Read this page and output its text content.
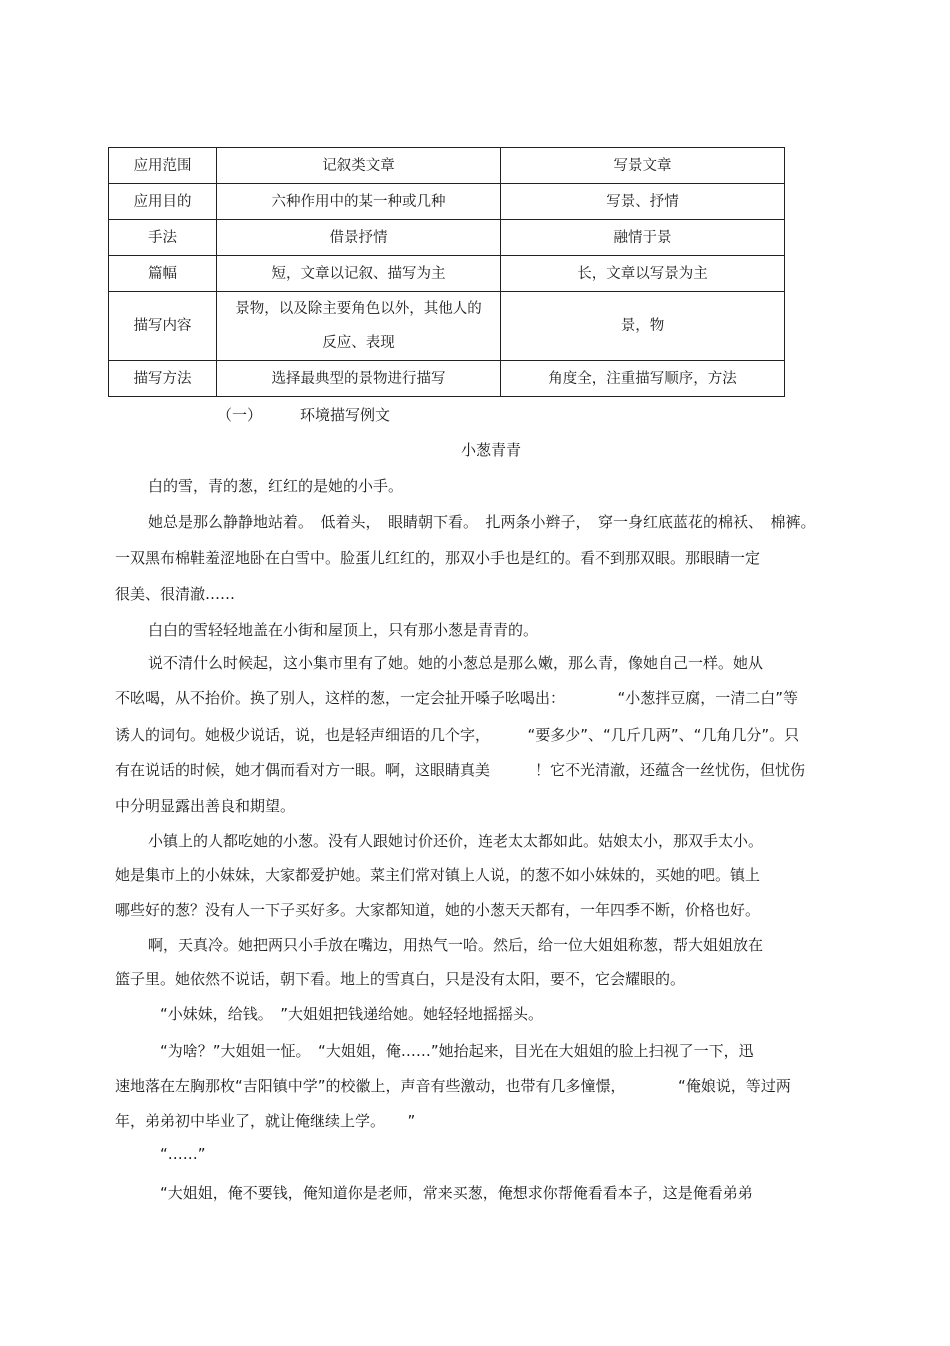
应用范围	记叙类文章	写景文章
应用目的	六种作用中的某一种或几种	写景、抒情
手法	借景抒情	融情于景
篇幅	短，文章以记叙、描写为主	长，文章以写景为主
描写内容	景物，以及除主要角色以外，其他人的反应、表现	景，物
描写方法	选择最典型的景物进行描写	角度全，注重描写顺序，方法
（一）	环境描写例文
小葱青青
白的雪，青的葱，红红的是她的小手。
她总是那么静静地站着。　低着头，　眼睛朝下看。　扎两条小辫子，　穿一身红底蓝花的棉袄、　棉裤。
一双黑布棉鞋羞涩地卧在白雪中。脸蛋儿红红的，那双小手也是红的。看不到那双眼。那眼睛一定
很美、很清澈……
白白的雪轻轻地盖在小街和屋顶上，只有那小葱是青青的。
说不清什么时候起，这小集市里有了她。她的小葱总是那么嫩，那么青，像她自己一样。她从
不吆喝，从不抬价。换了别人，这样的葱，一定会扯开嗓子吆喝出：　　　　“小葱拌豆腐，一清二白”等
诱人的词句。她极少说话，说，也是轻声细语的几个字，　　　“要多少”、“几斤几两”、“几角几分”。只
有在说话的时候，她才偶而看对方一眼。啊，这眼睛真美　　　！它不光清澈，还蕴含一丝忧伤，但忧伤
中分明显露出善良和期望。
小镇上的人都吃她的小葱。没有人跟她讨价还价，连老太太都如此。姑娘太小，那双手太小。
她是集市上的小妹妹，大家都爱护她。菜主们常对镇上人说，的葱不如小妹妹的，买她的吧。镇上
哪些好的葱？没有人一下子买好多。大家都知道，她的小葱天天都有，一年四季不断，价格也好。
啊，天真冷。她把两只小手放在嘴边，用热气一哈。然后，给一位大姐姐称葱，帮大姐姐放在
篮子里。她依然不说话，朝下看。地上的雪真白，只是没有太阳，要不，它会耀眼的。
“小妹妹，给钱。　”大姐姐把钱递给她。她轻轻地摇摇头。
“为啥？”大姐姐一怔。　“大姐姐，俺……”她抬起来，目光在大姐姐的脸上扫视了一下，迅
速地落在左胸那枚“吉阳镇中学”的校徽上，声音有些激动，也带有几多憧憬，　　　　“俺娘说，等过两
年，弟弟初中毕业了，就让俺继续上学。　　”
“……”
“大姐姐，俺不要钱，俺知道你是老师，常来买葱，俺想求你帮俺看看本子，这是俺看弟弟
